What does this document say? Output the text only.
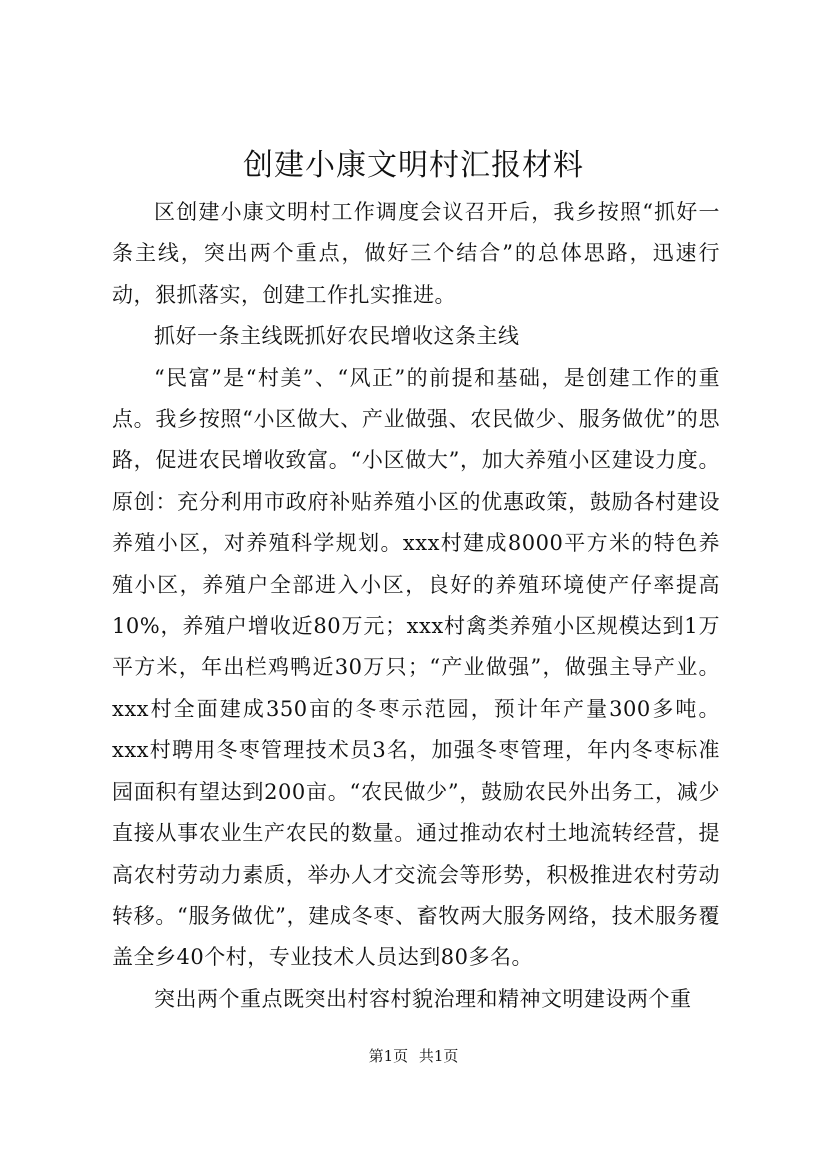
创建小康文明村汇报材料

区创建小康文明村工作调度会议召开后，我乡按照“抓好一条主线，突出两个重点，做好三个结合”的总体思路，迅速行动，狠抓落实，创建工作扎实推进。

抓好一条主线既抓好农民增收这条主线

“民富”是“村美”、“风正”的前提和基础，是创建工作的重点。我乡按照“小区做大、产业做强、农民做少、服务做优”的思路，促进农民增收致富。“小区做大”，加大养殖小区建设力度。原创：充分利用市政府补贴养殖小区的优惠政策，鼓励各村建设养殖小区，对养殖科学规划。xxx村建成8000平方米的特色养殖小区，养殖户全部进入小区，良好的养殖环境使产仔率提高10%，养殖户增收近80万元；xxx村禽类养殖小区规模达到1万平方米，年出栏鸡鸭近30万只；“产业做强”，做强主导产业。xxx村全面建成350亩的冬枣示范园，预计年产量300多吨。xxx村聘用冬枣管理技术员3名，加强冬枣管理，年内冬枣标准园面积有望达到200亩。“农民做少”，鼓励农民外出务工，减少直接从事农业生产农民的数量。通过推动农村土地流转经营，提高农村劳动力素质，举办人才交流会等形势，积极推进农村劳动转移。“服务做优”，建成冬枣、畜牧两大服务网络，技术服务覆盖全乡40个村，专业技术人员达到80多名。

突出两个重点既突出村容村貌治理和精神文明建设两个重

第1页 共1页
